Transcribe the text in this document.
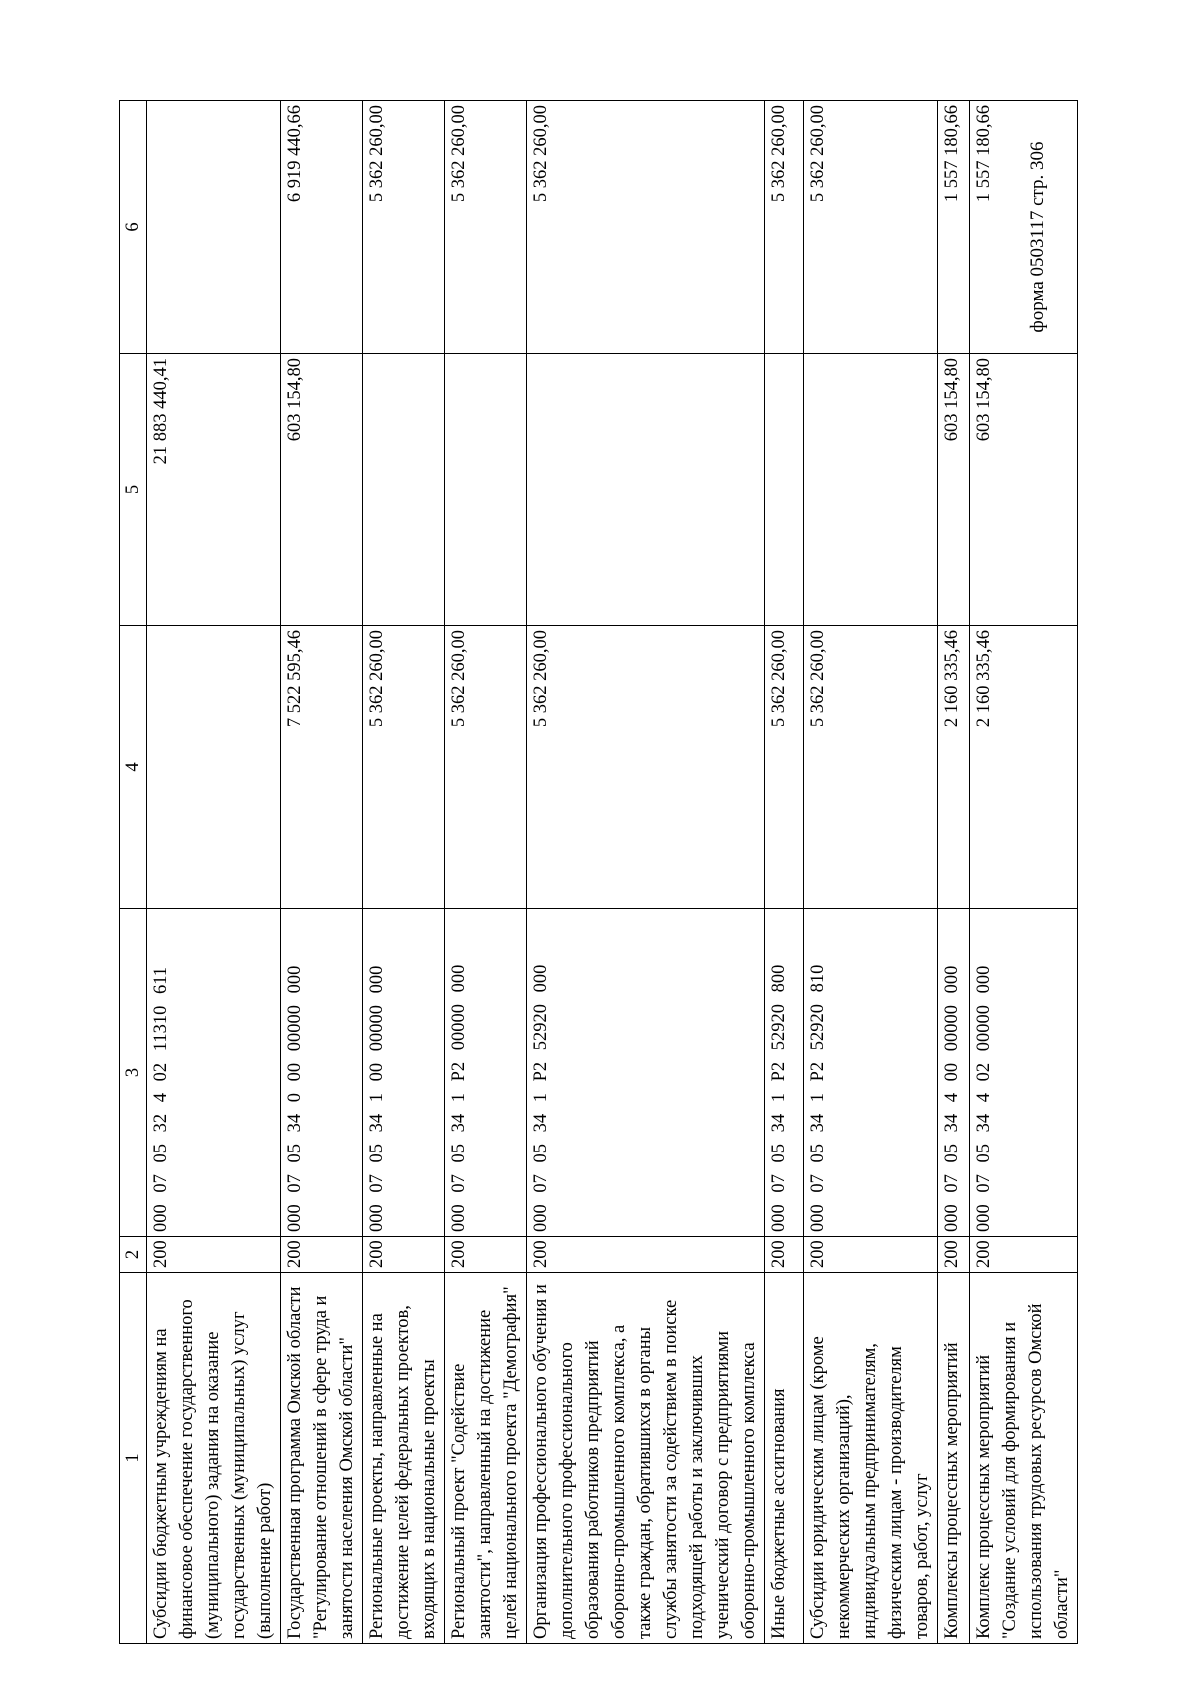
форма 0503117 стр. 306
1	2	3	4	5	6
Субсидии бюджетным учреждениям на финансовое обеспечение государственного (муниципального) задания на оказание государственных (муниципальных) услуг (выполнение работ)	200	000 07 05 32 4 02 11310 611		21 883 440,41	
Государственная программа Омской области "Регулирование отношений в сфере труда и занятости населения Омской области"	200	000 07 05 34 0 00 00000 000	7 522 595,46	603 154,80	6 919 440,66
Региональные проекты, направленные на достижение целей федеральных проектов, входящих в национальные проекты	200	000 07 05 34 1 00 00000 000	5 362 260,00		5 362 260,00
Региональный проект "Содействие занятости", направленный на достижение целей национального проекта "Демография"	200	000 07 05 34 1 P2 00000 000	5 362 260,00		5 362 260,00
Организация профессионального обучения и дополнительного профессионального образования работников предприятий оборонно-промышленного комплекса, а также граждан, обратившихся в органы службы занятости за содействием в поиске подходящей работы и заключивших ученический договор с предприятиями оборонно-промышленного комплекса	200	000 07 05 34 1 P2 52920 000	5 362 260,00		5 362 260,00
Иные бюджетные ассигнования	200	000 07 05 34 1 P2 52920 800	5 362 260,00		5 362 260,00
Субсидии юридическим лицам (кроме некоммерческих организаций), индивидуальным предпринимателям, физическим лицам - производителям товаров, работ, услуг	200	000 07 05 34 1 P2 52920 810	5 362 260,00		5 362 260,00
Комплексы процессных мероприятий	200	000 07 05 34 4 00 00000 000	2 160 335,46	603 154,80	1 557 180,66
Комплекс процессных мероприятий "Создание условий для формирования и использования трудовых ресурсов Омской области"	200	000 07 05 34 4 02 00000 000	2 160 335,46	603 154,80	1 557 180,66
